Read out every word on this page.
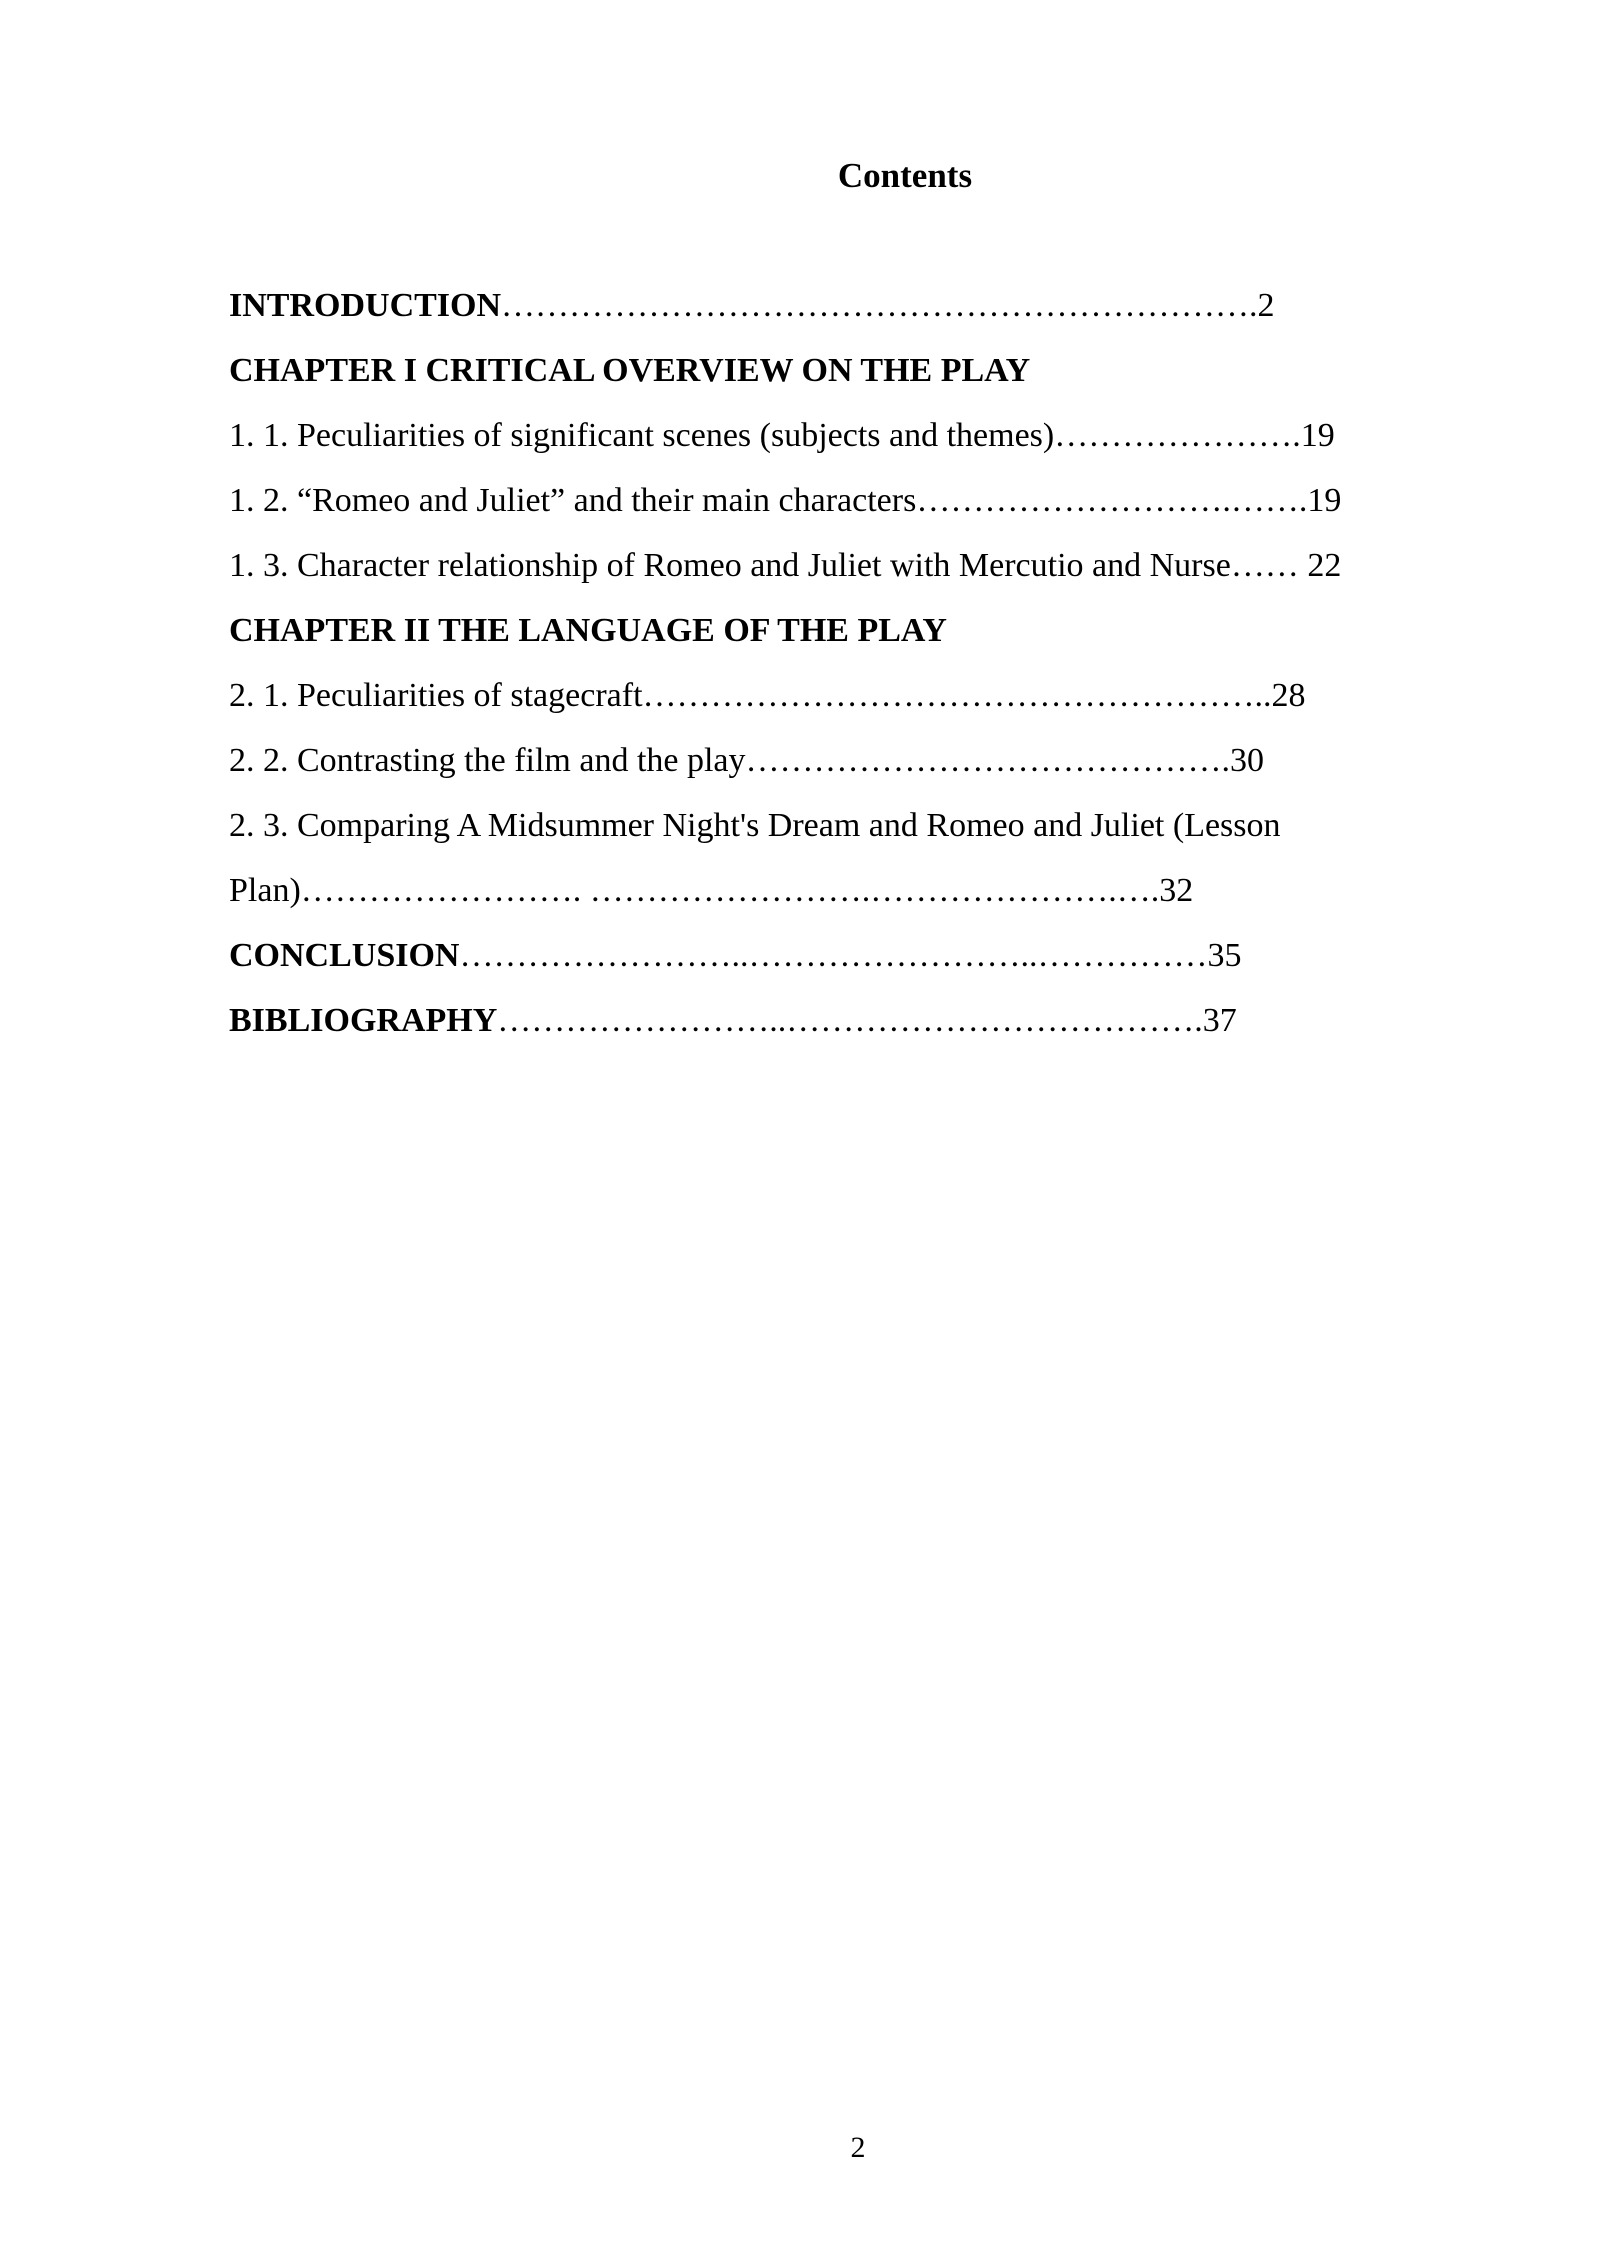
Contents
INTRODUCTION………………………………………………………….2
CHAPTER I CRITICAL OVERVIEW ON THE PLAY
1. 1. Peculiarities of significant scenes (subjects and themes)………………….19
1. 2. “Romeo and Juliet” and their main characters……………………….…….19
1. 3. Character relationship of Romeo and Juliet with Mercutio and Nurse…… 22
CHAPTER II THE LANGUAGE OF THE PLAY
2. 1. Peculiarities of stagecraft………………………………………………..28
2. 2. Contrasting the film and the play…………………………………….30
2. 3. Comparing A Midsummer Night's Dream and Romeo and Juliet (Lesson
Plan)……………………. …………………….………………….….32
CONCLUSION……………………..……………………..……………35
BIBLIOGRAPHY……………………..……………………………….37
2
